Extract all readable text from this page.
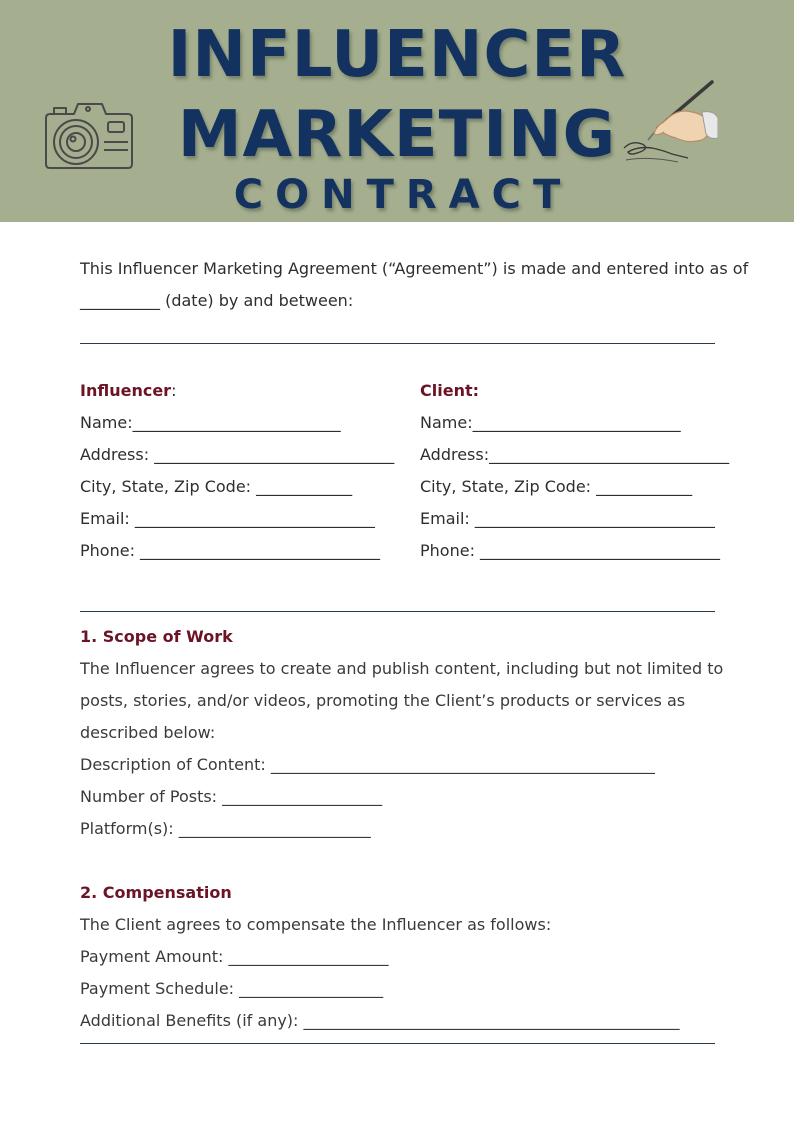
INFLUENCER
MARKETING
CONTRACT
This Influencer Marketing Agreement (“Agreement”) is made and entered into as of
__________ (date) by and between:
Influencer:
Name:__________________________
Address: ______________________________
City, State, Zip Code: ____________
Email: ______________________________
Phone: ______________________________
Client:
Name:__________________________
Address:______________________________
City, State, Zip Code: ____________
Email: ______________________________
Phone: ______________________________
1. Scope of Work
The Influencer agrees to create and publish content, including but not limited to
posts, stories, and/or videos, promoting the Client’s products or services as
described below:
Description of Content: ________________________________________________
Number of Posts: ____________________
Platform(s): ________________________
2. Compensation
The Client agrees to compensate the Influencer as follows:
Payment Amount: ____________________
Payment Schedule: __________________
Additional Benefits (if any): _______________________________________________
